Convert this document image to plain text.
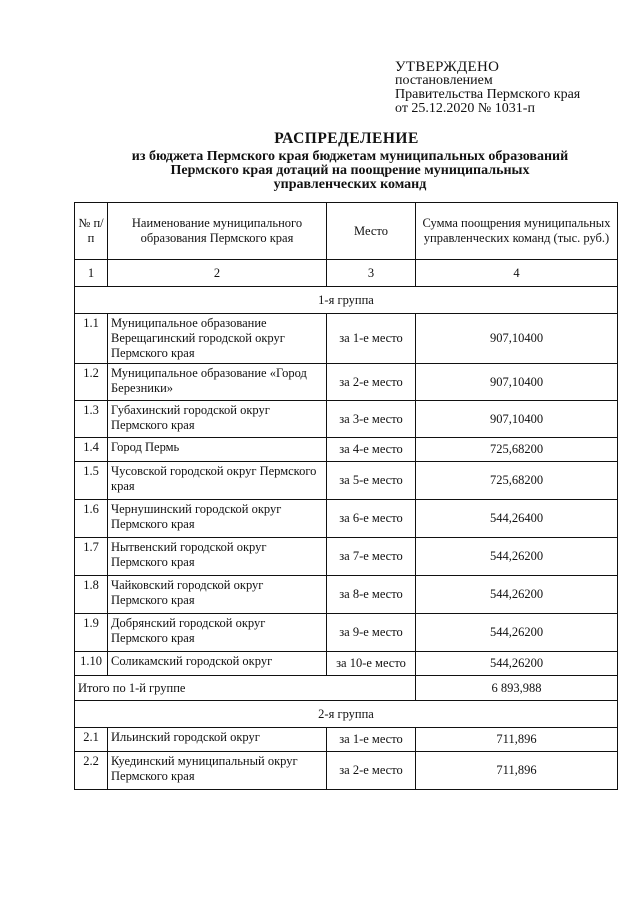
УТВЕРЖДЕНО
постановлением
Правительства Пермского края
от 25.12.2020 № 1031-п
РАСПРЕДЕЛЕНИЕ
из бюджета Пермского края бюджетам муниципальных образований
Пермского края дотаций на поощрение муниципальных
управленческих команд
№ п/п	Наименование муниципального образования Пермского края	Место	Сумма поощрения муниципальных управленческих команд (тыс. руб.)
1	2	3	4
1-я группа			
1.1	Муниципальное образование Верещагинский городской округ Пермского края	за 1-е место	907,10400
1.2	Муниципальное образование «Город Березники»	за 2-е место	907,10400
1.3	Губахинский городской округ Пермского края	за 3-е место	907,10400
1.4	Город Пермь	за 4-е место	725,68200
1.5	Чусовской городской округ Пермского края	за 5-е место	725,68200
1.6	Чернушинский городской округ Пермского края	за 6-е место	544,26400
1.7	Нытвенский городской округ Пермского края	за 7-е место	544,26200
1.8	Чайковский городской округ Пермского края	за 8-е место	544,26200
1.9	Добрянский городской округ Пермского края	за 9-е место	544,26200
1.10	Соликамский городской округ	за 10-е место	544,26200
Итого по 1-й группе			6 893,988
2-я группа			
2.1	Ильинский городской округ	за 1-е место	711,896
2.2	Куединский муниципальный округ Пермского края	за 2-е место	711,896
